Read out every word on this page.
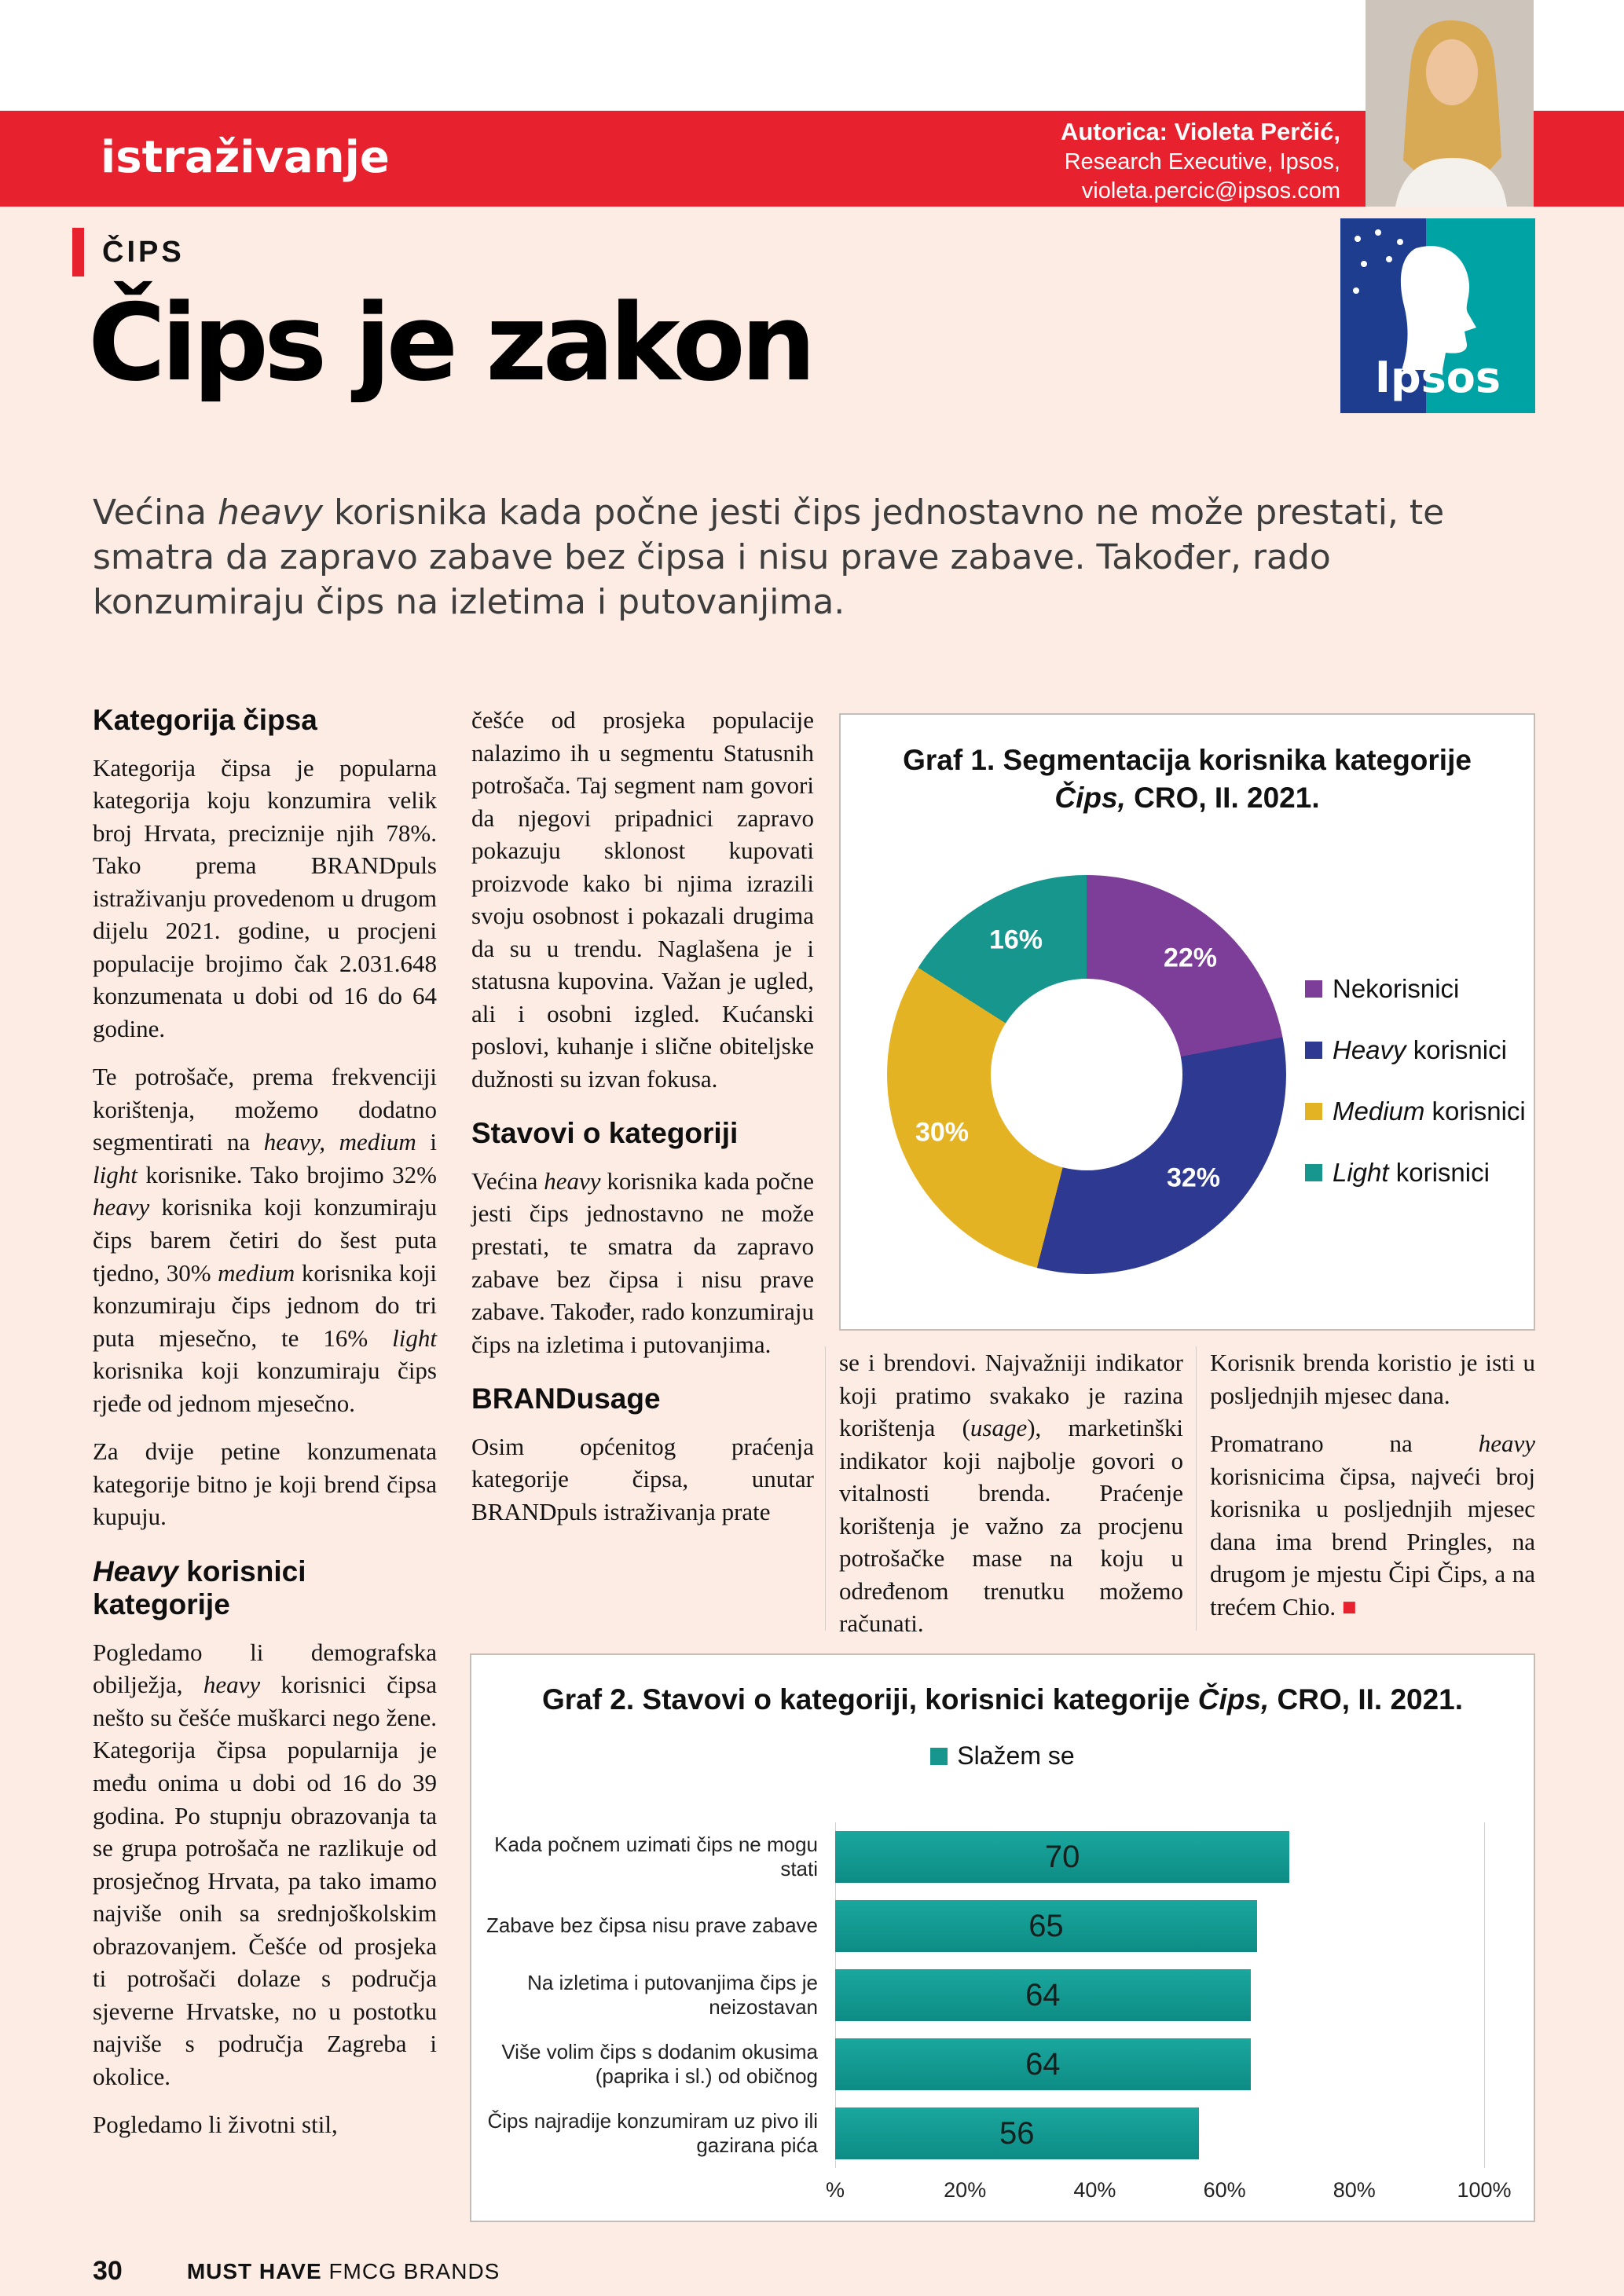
istraživanje
Autorica: Violeta Perčić,
Research Executive, Ipsos,
violeta.percic@ipsos.com
ČIPS
Čips je zakon	Ipsos

Većina heavy korisnika kada počne jesti čips jednostavno ne može prestati, te smatra da zapravo zabave bez čipsa i nisu prave zabave. Također, rado konzumiraju čips na izletima i putovanjima.

Kategorija čipsa

Kategorija čipsa je popularna kategorija koju konzumira velik broj Hrvata, preciznije njih 78%. Tako prema BRANDpuls istraživanju provedenom u drugom dijelu 2021. godine, u procjeni populacije brojimo čak 2.031.648 konzumenata u dobi od 16 do 64 godine.

Te potrošače, prema frekvenciji korištenja, možemo dodatno segmentirati na heavy, medium i light korisnike. Tako brojimo 32% heavy korisnika koji konzumiraju čips barem četiri do šest puta tjedno, 30% medium korisnika koji konzumiraju čips jednom do tri puta mjesečno, te 16% light korisnika koji konzumiraju čips rjeđe od jednom mjesečno.

Za dvije petine konzumenata kategorije bitno je koji brend čipsa kupuju.

Heavy korisnici kategorije

Pogledamo li demografska obilježja, heavy korisnici čipsa nešto su češće muškarci nego žene. Kategorija čipsa popularnija je među onima u dobi od 16 do 39 godina. Po stupnju obrazovanja ta se grupa potrošača ne razlikuje od prosječnog Hrvata, pa tako imamo najviše onih sa srednjoškolskim obrazovanjem. Češće od prosjeka ti potrošači dolaze s područja sjeverne Hrvatske, no u postotku najviše s područja Zagreba i okolice.

Pogledamo li životni stil,

češće od prosjeka populacije nalazimo ih u segmentu Statusnih potrošača. Taj segment nam govori da njegovi pripadnici zapravo pokazuju sklonost kupovati proizvode kako bi njima izrazili svoju osobnost i pokazali drugima da su u trendu. Naglašena je i statusna kupovina. Važan je ugled, ali i osobni izgled. Kućanski poslovi, kuhanje i slične obiteljske dužnosti su izvan fokusa.

Stavovi o kategoriji

Većina heavy korisnika kada počne jesti čips jednostavno ne može prestati, te smatra da zapravo zabave bez čipsa i nisu prave zabave. Također, rado konzumiraju čips na izletima i putovanjima.

BRANDusage

Osim općenitog praćenja kategorije čipsa, unutar BRANDpuls istraživanja prate

Graf 1. Segmentacija korisnika kategorije Čips, CRO, II. 2021.
22%
32%
30%
16%
Nekorisnici
Heavy korisnici
Medium korisnici
Light korisnici

se i brendovi. Najvažniji indikator koji pratimo svakako je razina korištenja (usage), marketinški indikator koji najbolje govori o vitalnosti brenda. Praćenje korištenja je važno za procjenu potrošačke mase na koju u određenom trenutku možemo računati.

Korisnik brenda koristio je isti u posljednjih mjesec dana.

Promatrano na heavy korisnicima čipsa, najveći broj korisnika u posljednjih mjesec dana ima brend Pringles, na drugom je mjestu Čipi Čips, a na trećem Chio. ■

Graf 2. Stavovi o kategoriji, korisnici kategorije Čips, CRO, II. 2021.
Slažem se
Kada počnem uzimati čips ne mogu stati	70
Zabave bez čipsa nisu prave zabave	65
Na izletima i putovanjima čips je neizostavan	64
Više volim čips s dodanim okusima (paprika i sl.) od običnog	64
Čips najradije konzumiram uz pivo ili gazirana pića	56
%	20%	40%	60%	80%	100%
30	MUST HAVE FMCG BRANDS
